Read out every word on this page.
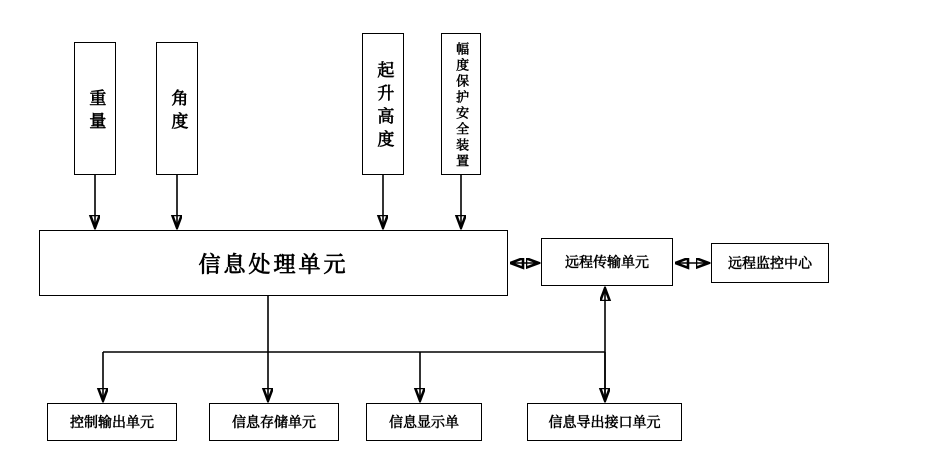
重量	角度	起升高度	幅度保护安全装置
信息处理单元	远程传输单元	远程监控中心
控制输出单元	信息存储单元	信息显示单	信息导出接口单元
